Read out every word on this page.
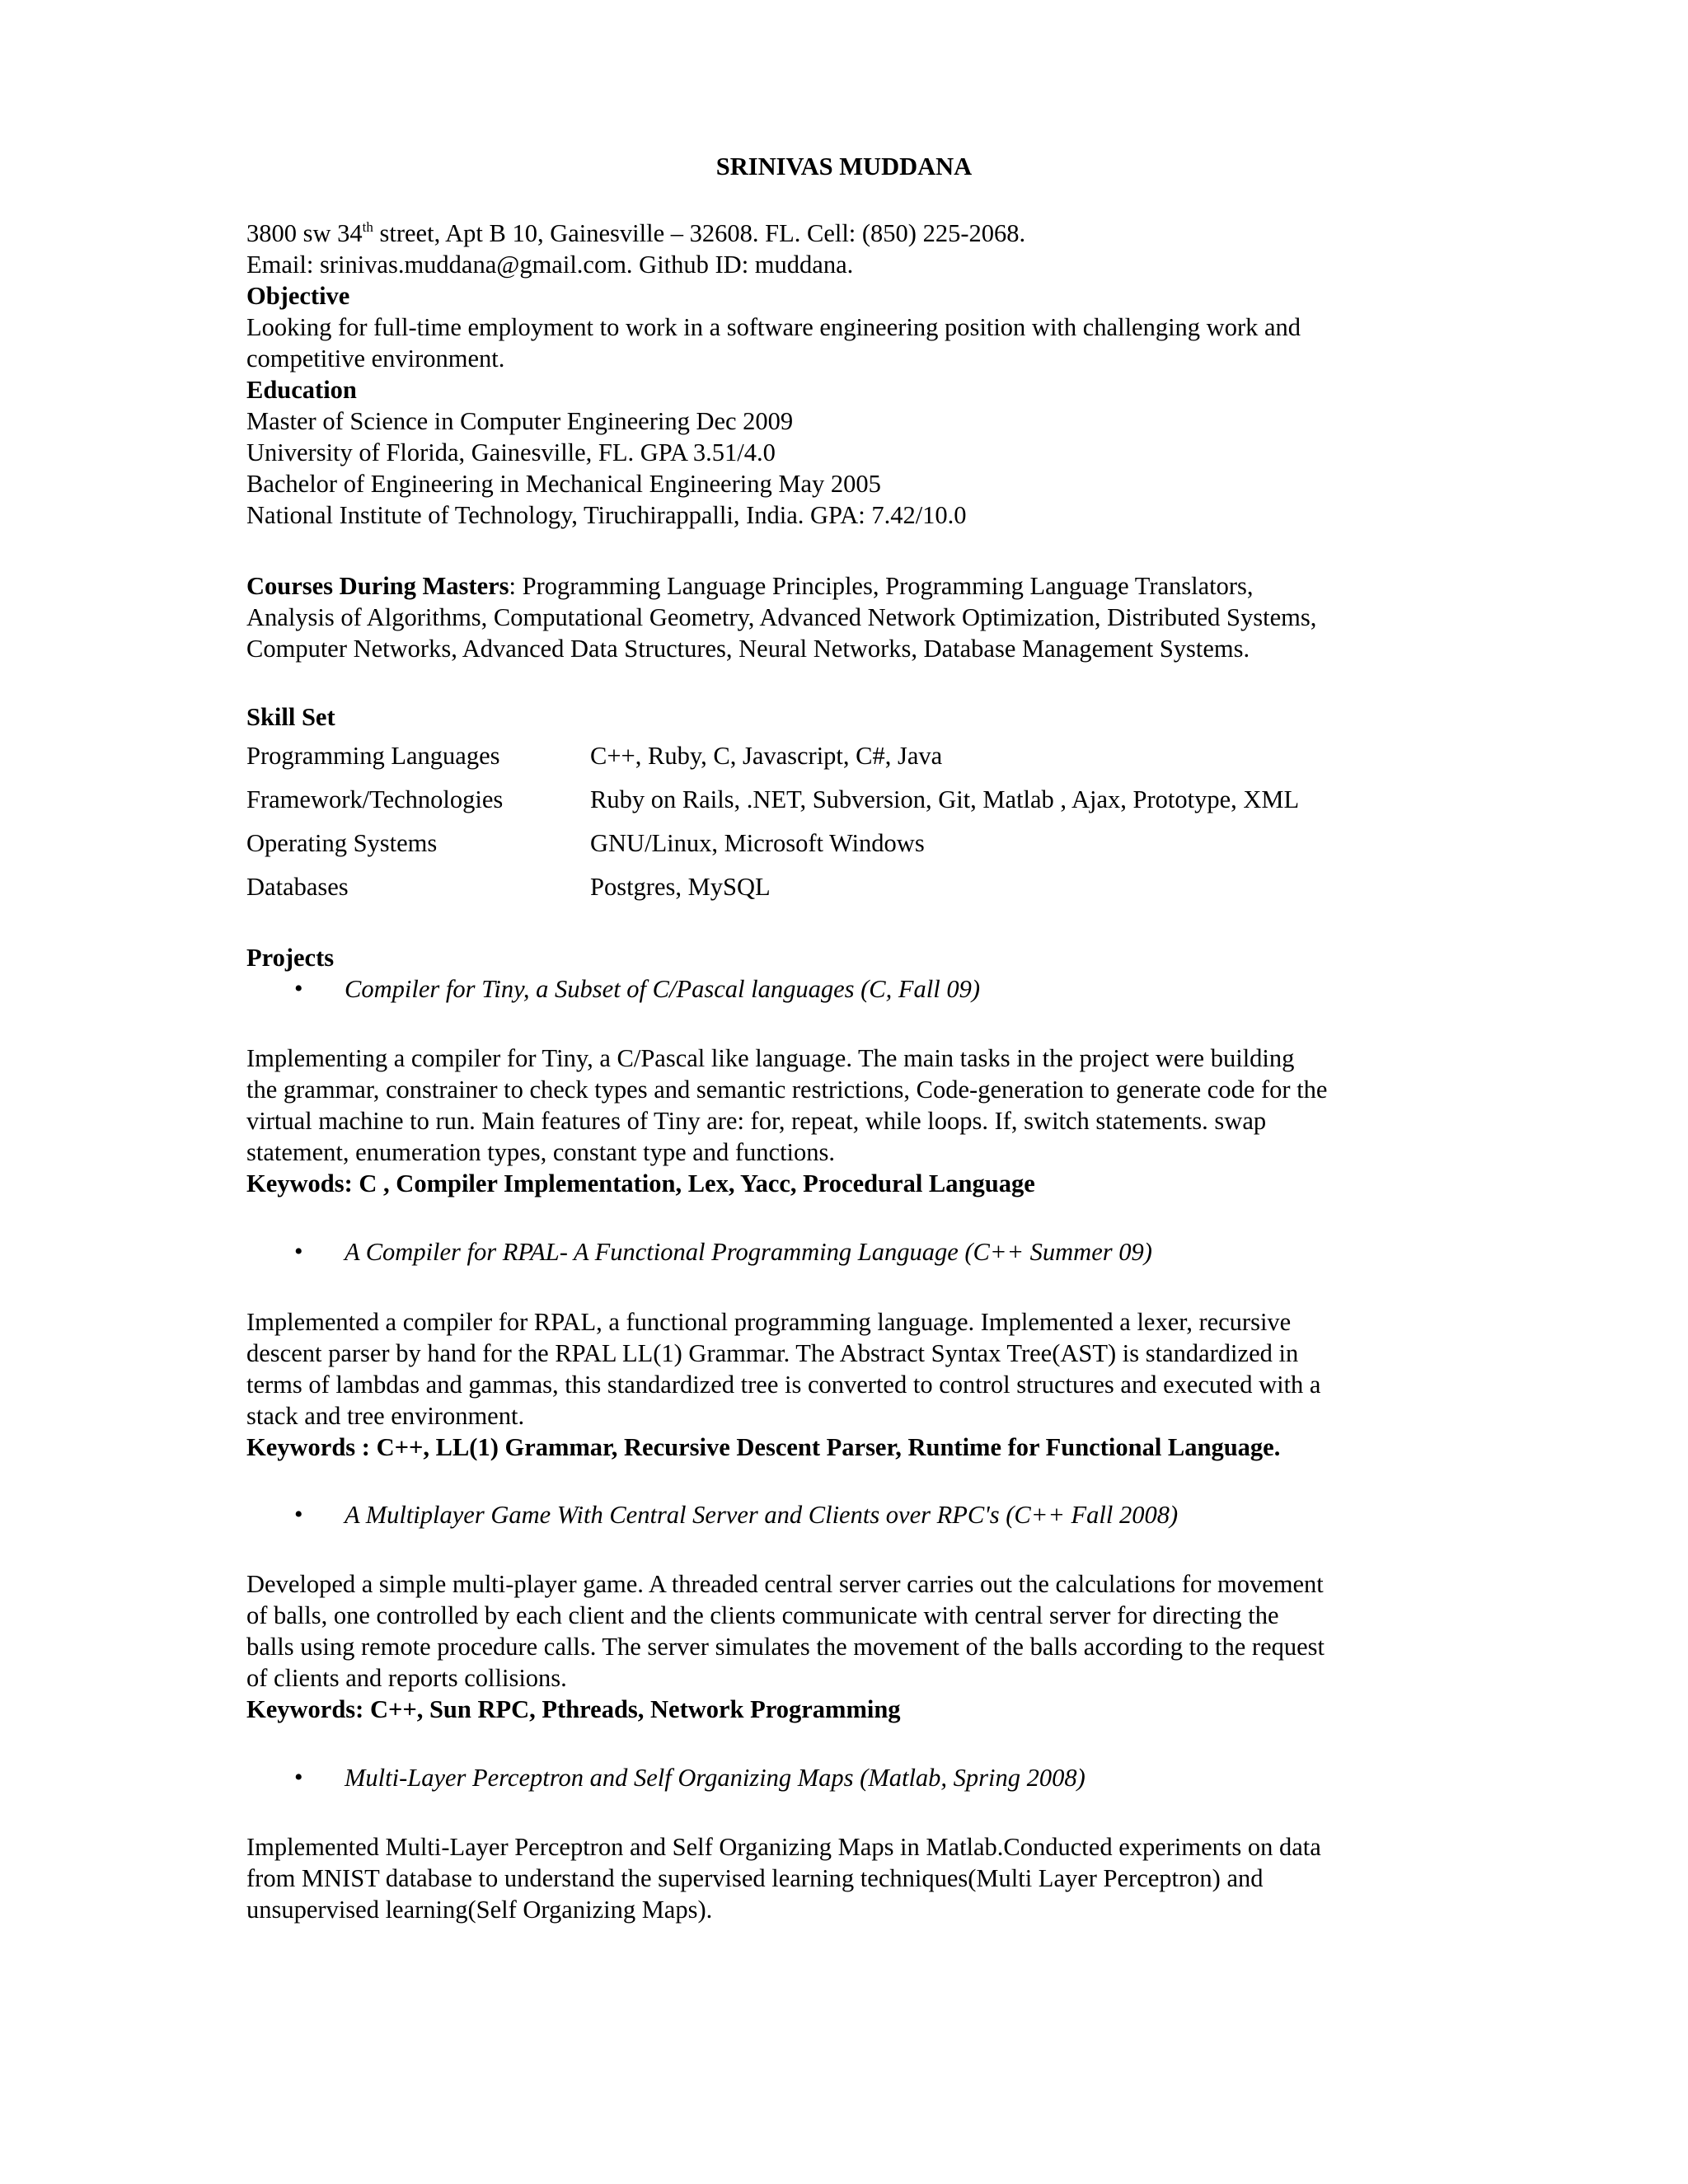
SRINIVAS MUDDANA
3800 sw 34th street, Apt B 10, Gainesville – 32608. FL. Cell: (850) 225-2068.
Email: srinivas.muddana@gmail.com. Github ID: muddana.
Objective
Looking for full-time employment to work in a software engineering position with challenging work and
competitive environment.
Education
Master of Science in Computer Engineering Dec 2009
University of Florida, Gainesville, FL. GPA 3.51/4.0
Bachelor of Engineering in Mechanical Engineering May 2005
National Institute of Technology, Tiruchirappalli, India. GPA: 7.42/10.0
Courses During Masters: Programming Language Principles, Programming Language Translators,
Analysis of Algorithms, Computational Geometry, Advanced Network Optimization, Distributed Systems,
Computer Networks, Advanced Data Structures, Neural Networks, Database Management Systems.
Skill Set
Programming Languages	C++, Ruby, C, Javascript, C#, Java
Framework/Technologies	Ruby on Rails, .NET, Subversion, Git, Matlab , Ajax, Prototype, XML
Operating Systems	GNU/Linux, Microsoft Windows
Databases	Postgres, MySQL
Projects
• Compiler for Tiny, a Subset of C/Pascal languages (C, Fall 09)
Implementing a compiler for Tiny, a C/Pascal like language. The main tasks in the project were building
the grammar, constrainer to check types and semantic restrictions, Code-generation to generate code for the
virtual machine to run. Main features of Tiny are: for, repeat, while loops. If, switch statements. swap
statement, enumeration types, constant type and functions.
Keywods: C , Compiler Implementation, Lex, Yacc, Procedural Language
• A Compiler for RPAL- A Functional Programming Language (C++ Summer 09)
Implemented a compiler for RPAL, a functional programming language. Implemented a lexer, recursive
descent parser by hand for the RPAL LL(1) Grammar. The Abstract Syntax Tree(AST) is standardized in
terms of lambdas and gammas, this standardized tree is converted to control structures and executed with a
stack and tree environment.
Keywords : C++, LL(1) Grammar, Recursive Descent Parser, Runtime for Functional Language.
• A Multiplayer Game With Central Server and Clients over RPC's (C++ Fall 2008)
Developed a simple multi-player game. A threaded central server carries out the calculations for movement
of balls, one controlled by each client and the clients communicate with central server for directing the
balls using remote procedure calls. The server simulates the movement of the balls according to the request
of clients and reports collisions.
Keywords: C++, Sun RPC, Pthreads, Network Programming
• Multi-Layer Perceptron and Self Organizing Maps (Matlab, Spring 2008)
Implemented Multi-Layer Perceptron and Self Organizing Maps in Matlab.Conducted experiments on data
from MNIST database to understand the supervised learning techniques(Multi Layer Perceptron) and
unsupervised learning(Self Organizing Maps).
